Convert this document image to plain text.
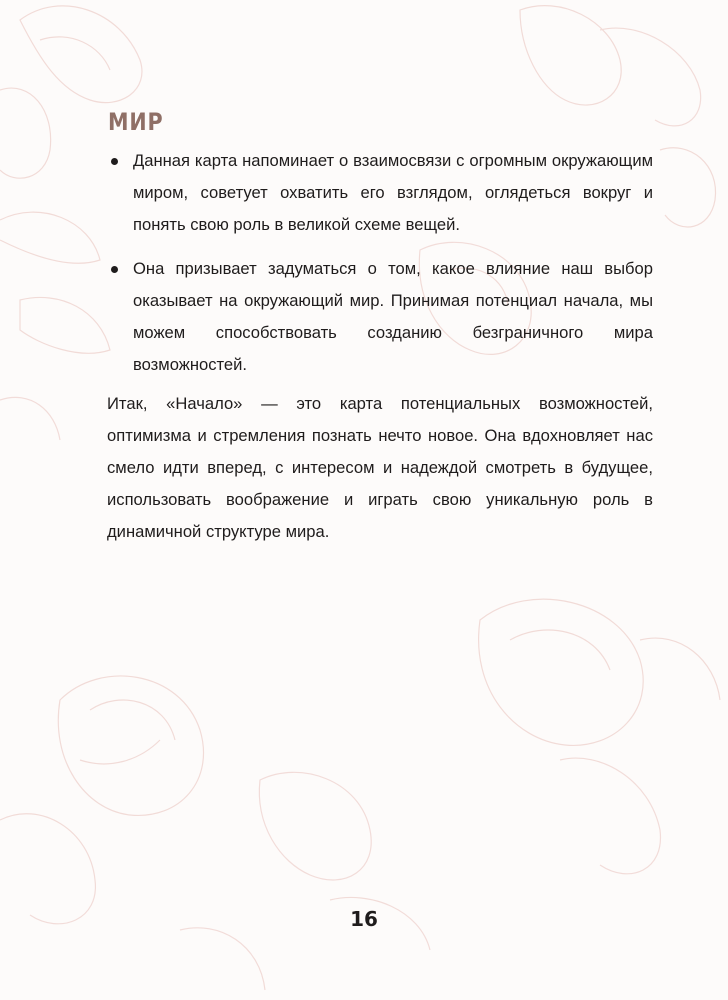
МИР
Данная карта напоминает о взаимосвязи с огромным окружающим миром, советует охватить его взглядом, оглядеться вокруг и понять свою роль в великой схеме вещей.
Она призывает задуматься о том, какое влияние наш выбор оказывает на окружающий мир. Принимая потенциал начала, мы можем способствовать созданию безграничного мира возможностей.

Итак, «Начало» — это карта потенциальных возможностей, оптимизма и стремления познать нечто новое. Она вдохновляет нас смело идти вперед, с интересом и надеждой смотреть в будущее, использовать воображение и играть свою уникальную роль в динамичной структуре мира.

16
